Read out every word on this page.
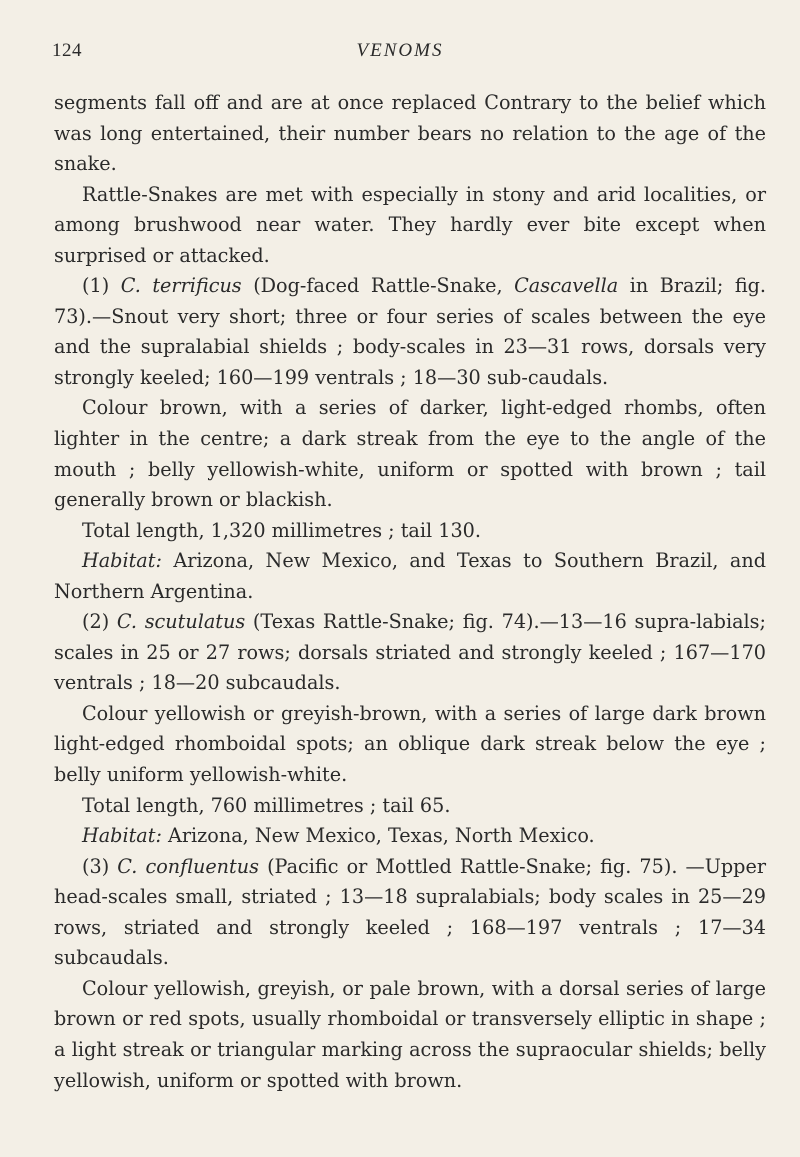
124	VENOMS

segments fall off and are at once replaced Contrary to the belief which was long entertained, their number bears no relation to the age of the snake.

Rattle-Snakes are met with especially in stony and arid localities, or among brushwood near water. They hardly ever bite except when surprised or attacked.

(1) C. terrificus (Dog-faced Rattle-Snake, Cascavella in Brazil; fig. 73).—Snout very short; three or four series of scales between the eye and the supralabial shields ; body-scales in 23—31 rows, dorsals very strongly keeled; 160—199 ventrals ; 18—30 sub-caudals.

Colour brown, with a series of darker, light-edged rhombs, often lighter in the centre; a dark streak from the eye to the angle of the mouth ; belly yellowish-white, uniform or spotted with brown ; tail generally brown or blackish.

Total length, 1,320 millimetres ; tail 130.

Habitat: Arizona, New Mexico, and Texas to Southern Brazil, and Northern Argentina.

(2) C. scutulatus (Texas Rattle-Snake; fig. 74).—13—16 supra-labials; scales in 25 or 27 rows; dorsals striated and strongly keeled ; 167—170 ventrals ; 18—20 subcaudals.

Colour yellowish or greyish-brown, with a series of large dark brown light-edged rhomboidal spots; an oblique dark streak below the eye ; belly uniform yellowish-white.

Total length, 760 millimetres ; tail 65.

Habitat: Arizona, New Mexico, Texas, North Mexico.

(3) C. confluentus (Pacific or Mottled Rattle-Snake; fig. 75). —Upper head-scales small, striated ; 13—18 supralabials; body scales in 25—29 rows, striated and strongly keeled ; 168—197 ventrals ; 17—34 subcaudals.

Colour yellowish, greyish, or pale brown, with a dorsal series of large brown or red spots, usually rhomboidal or transversely elliptic in shape ; a light streak or triangular marking across the supraocular shields; belly yellowish, uniform or spotted with brown.
